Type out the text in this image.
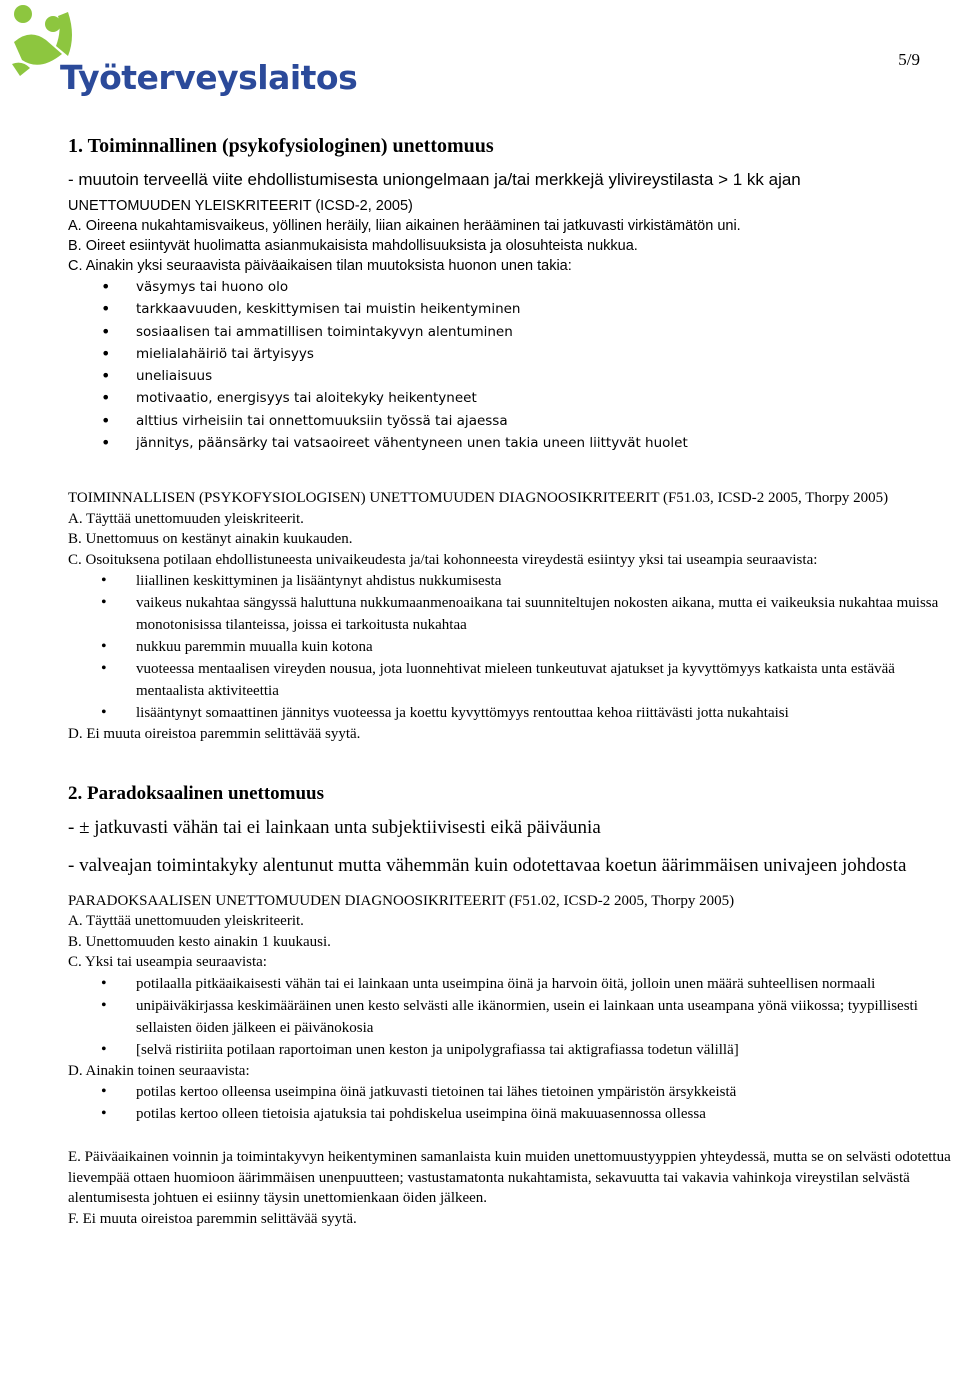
Työterveyslaitos	5/9
1. Toiminnallinen (psykofysiologinen) unettomuus
- muutoin terveellä viite ehdollistumisesta uniongelmaan ja/tai merkkejä ylivireystilasta > 1 kk ajan
UNETTOMUUDEN YLEISKRITEERIT (ICSD-2, 2005)
A. Oireena nukahtamisvaikeus, yöllinen heräily, liian aikainen herääminen tai jatkuvasti virkistämätön uni.
B. Oireet esiintyvät huolimatta asianmukaisista mahdollisuuksista ja olosuhteista nukkua.
C. Ainakin yksi seuraavista päiväaikaisen tilan muutoksista huonon unen takia:
• väsymys tai huono olo
• tarkkaavuuden, keskittymisen tai muistin heikentyminen
• sosiaalisen tai ammatillisen toimintakyvyn alentuminen
• mielialahäiriö tai ärtyisyys
• uneliaisuus
• motivaatio, energisyys tai aloitekyky heikentyneet
• alttius virheisiin tai onnettomuuksiin työssä tai ajaessa
• jännitys, päänsärky tai vatsaoireet vähentyneen unen takia uneen liittyvät huolet
TOIMINNALLISEN (PSYKOFYSIOLOGISEN) UNETTOMUUDEN DIAGNOOSIKRITEERIT (F51.03, ICSD-2 2005, Thorpy 2005)
A. Täyttää unettomuuden yleiskriteerit.
B. Unettomuus on kestänyt ainakin kuukauden.
C. Osoituksena potilaan ehdollistuneesta univaikeudesta ja/tai kohonneesta vireydestä esiintyy yksi tai useampia seuraavista:
• liiallinen keskittyminen ja lisääntynyt ahdistus nukkumisesta
• vaikeus nukahtaa sängyssä haluttuna nukkumaanmenoaikana tai suunniteltujen nokosten aikana, mutta ei vaikeuksia nukahtaa muissa monotonisissa tilanteissa, joissa ei tarkoitusta nukahtaa
• nukkuu paremmin muualla kuin kotona
• vuoteessa mentaalisen vireyden nousua, jota luonnehtivat mieleen tunkeutuvat ajatukset ja kyvyttömyys katkaista unta estävää mentaalista aktiviteettia
• lisääntynyt somaattinen jännitys vuoteessa ja koettu kyvyttömyys rentouttaa kehoa riittävästi jotta nukahtaisi
D. Ei muuta oireistoa paremmin selittävää syytä.
2. Paradoksaalinen unettomuus
- ± jatkuvasti vähän tai ei lainkaan unta subjektiivisesti eikä päiväunia
- valveajan toimintakyky alentunut mutta vähemmän kuin odotettavaa koetun äärimmäisen univajeen johdosta
PARADOKSAALISEN UNETTOMUUDEN DIAGNOOSIKRITEERIT (F51.02, ICSD-2 2005, Thorpy 2005)
A. Täyttää unettomuuden yleiskriteerit.
B. Unettomuuden kesto ainakin 1 kuukausi.
C. Yksi tai useampia seuraavista:
• potilaalla pitkäaikaisesti vähän tai ei lainkaan unta useimpina öinä ja harvoin öitä, jolloin unen määrä suhteellisen normaali
• unipäiväkirjassa keskimääräinen unen kesto selvästi alle ikänormien, usein ei lainkaan unta useampana yönä viikossa; tyypillisesti sellaisten öiden jälkeen ei päivänokosia
• [selvä ristiriita potilaan raportoiman unen keston ja unipolygrafiassa tai aktigrafiassa todetun välillä]
D. Ainakin toinen seuraavista:
• potilas kertoo olleensa useimpina öinä jatkuvasti tietoinen tai lähes tietoinen ympäristön ärsykkeistä
• potilas kertoo olleen tietoisia ajatuksia tai pohdiskelua useimpina öinä makuuasennossa ollessa
E. Päiväaikainen voinnin ja toimintakyvyn heikentyminen samanlaista kuin muiden unettomuustyyppien yhteydessä, mutta se on selvästi odotettua lievempää ottaen huomioon äärimmäisen unenpuutteen; vastustamatonta nukahtamista, sekavuutta tai vakavia vahinkoja vireystilan selvästä alentumisesta johtuen ei esiinny täysin unettomienkaan öiden jälkeen.
F. Ei muuta oireistoa paremmin selittävää syytä.
